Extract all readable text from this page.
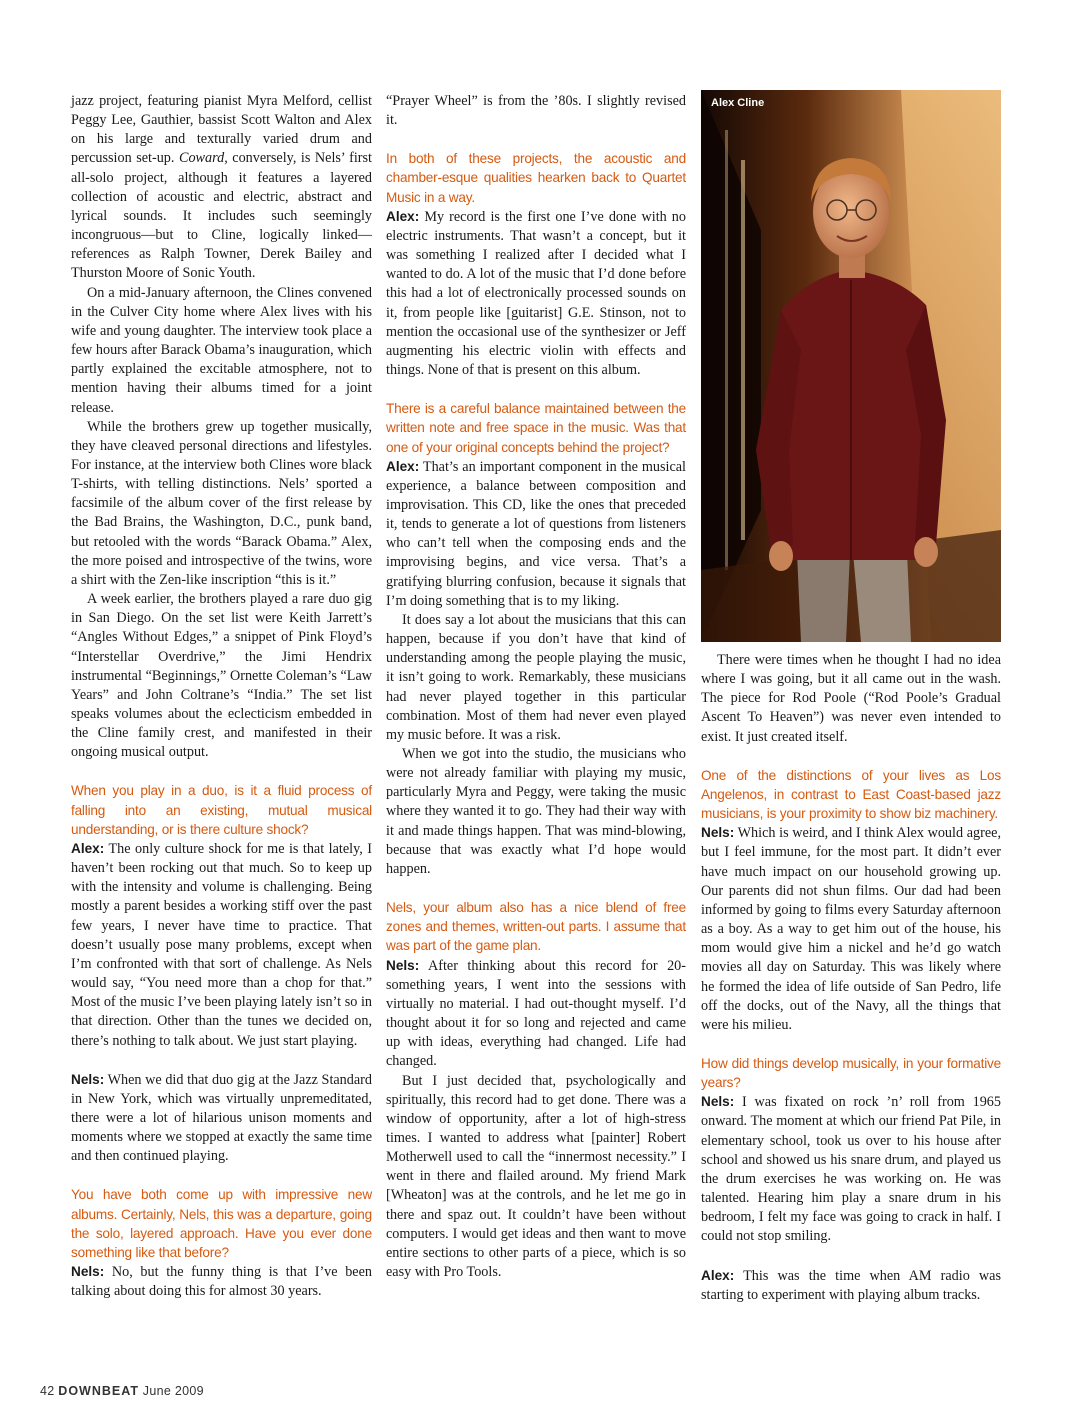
jazz project, featuring pianist Myra Melford, cellist Peggy Lee, Gauthier, bassist Scott Walton and Alex on his large and texturally varied drum and percussion set-up. Coward, conversely, is Nels’ first all-solo project, although it features a layered collection of acoustic and electric, abstract and lyrical sounds. It includes such seemingly incongruous—but to Cline, logically linked—references as Ralph Towner, Derek Bailey and Thurston Moore of Sonic Youth.

On a mid-January afternoon, the Clines convened in the Culver City home where Alex lives with his wife and young daughter. The interview took place a few hours after Barack Obama’s inauguration, which partly explained the excitable atmosphere, not to mention having their albums timed for a joint release.

While the brothers grew up together musically, they have cleaved personal directions and lifestyles. For instance, at the interview both Clines wore black T-shirts, with telling distinctions. Nels’ sported a facsimile of the album cover of the first release by the Bad Brains, the Washington, D.C., punk band, but retooled with the words “Barack Obama.” Alex, the more poised and introspective of the twins, wore a shirt with the Zen-like inscription “this is it.”

A week earlier, the brothers played a rare duo gig in San Diego. On the set list were Keith Jarrett’s “Angles Without Edges,” a snippet of Pink Floyd’s “Interstellar Overdrive,” the Jimi Hendrix instrumental “Beginnings,” Ornette Coleman’s “Law Years” and John Coltrane’s “India.” The set list speaks volumes about the eclecticism embedded in the Cline family crest, and manifested in their ongoing musical output.

When you play in a duo, is it a fluid process of falling into an existing, mutual musical understanding, or is there culture shock?

Alex: The only culture shock for me is that lately, I haven’t been rocking out that much. So to keep up with the intensity and volume is challenging. Being mostly a parent besides a working stiff over the past few years, I never have time to practice. That doesn’t usually pose many problems, except when I’m confronted with that sort of challenge. As Nels would say, “You need more than a chop for that.” Most of the music I’ve been playing lately isn’t so in that direction. Other than the tunes we decided on, there’s nothing to talk about. We just start playing.

Nels: When we did that duo gig at the Jazz Standard in New York, which was virtually unpremeditated, there were a lot of hilarious unison moments and moments where we stopped at exactly the same time and then continued playing.

You have both come up with impressive new albums. Certainly, Nels, this was a departure, going the solo, layered approach. Have you ever done something like that before?

Nels: No, but the funny thing is that I’ve been talking about doing this for almost 30 years.

“Prayer Wheel” is from the ’80s. I slightly revised it.

In both of these projects, the acoustic and chamber-esque qualities hearken back to Quartet Music in a way.

Alex: My record is the first one I’ve done with no electric instruments. That wasn’t a concept, but it was something I realized after I decided what I wanted to do. A lot of the music that I’d done before this had a lot of electronically processed sounds on it, from people like [guitarist] G.E. Stinson, not to mention the occasional use of the synthesizer or Jeff augmenting his electric violin with effects and things. None of that is present on this album.

There is a careful balance maintained between the written note and free space in the music. Was that one of your original concepts behind the project?

Alex: That’s an important component in the musical experience, a balance between composition and improvisation. This CD, like the ones that preceded it, tends to generate a lot of questions from listeners who can’t tell when the composing ends and the improvising begins, and vice versa. That’s a gratifying blurring confusion, because it signals that I’m doing something that is to my liking.

It does say a lot about the musicians that this can happen, because if you don’t have that kind of understanding among the people playing the music, it isn’t going to work. Remarkably, these musicians had never played together in this particular combination. Most of them had never even played my music before. It was a risk.

When we got into the studio, the musicians who were not already familiar with playing my music, particularly Myra and Peggy, were taking the music where they wanted it to go. They had their way with it and made things happen. That was mind-blowing, because that was exactly what I’d hope would happen.

Nels, your album also has a nice blend of free zones and themes, written-out parts. I assume that was part of the game plan.

Nels: After thinking about this record for 20-something years, I went into the sessions with virtually no material. I had out-thought myself. I’d thought about it for so long and rejected and came up with ideas, everything had changed. Life had changed.

But I just decided that, psychologically and spiritually, this record had to get done. There was a window of opportunity, after a lot of high-stress times. I wanted to address what [painter] Robert Motherwell used to call the “innermost necessity.” I went in there and flailed around. My friend Mark [Wheaton] was at the controls, and he let me go in there and spaz out. It couldn’t have been without computers. I would get ideas and then want to move entire sections to other parts of a piece, which is so easy with Pro Tools.

Alex Cline

There were times when he thought I had no idea where I was going, but it all came out in the wash. The piece for Rod Poole (“Rod Poole’s Gradual Ascent To Heaven”) was never even intended to exist. It just created itself.

One of the distinctions of your lives as Los Angelenos, in contrast to East Coast-based jazz musicians, is your proximity to show biz machinery.

Nels: Which is weird, and I think Alex would agree, but I feel immune, for the most part. It didn’t ever have much impact on our household growing up. Our parents did not shun films. Our dad had been informed by going to films every Saturday afternoon as a boy. As a way to get him out of the house, his mom would give him a nickel and he’d go watch movies all day on Saturday. This was likely where he formed the idea of life outside of San Pedro, life off the docks, out of the Navy, all the things that were his milieu.

How did things develop musically, in your formative years?

Nels: I was fixated on rock ’n’ roll from 1965 onward. The moment at which our friend Pat Pile, in elementary school, took us over to his house after school and showed us his snare drum, and played us the drum exercises he was working on. He was talented. Hearing him play a snare drum in his bedroom, I felt my face was going to crack in half. I could not stop smiling.

Alex: This was the time when AM radio was starting to experiment with playing album tracks.

42 DOWNBEAT June 2009
